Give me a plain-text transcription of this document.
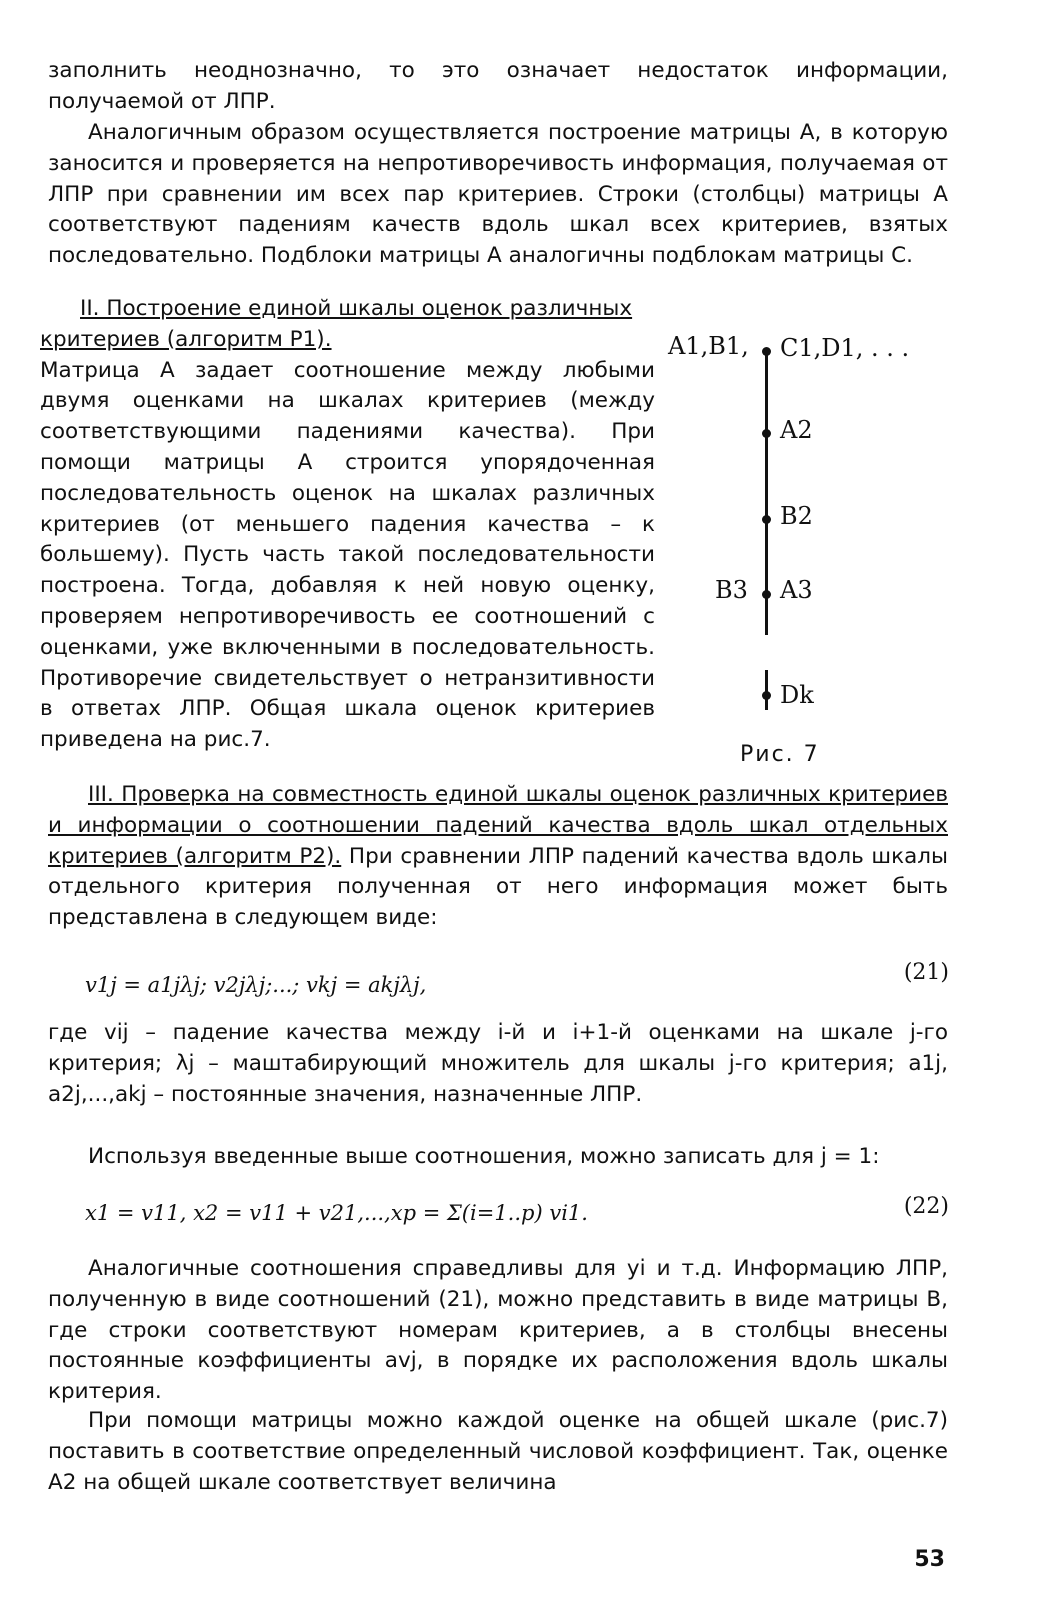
заполнить неоднозначно, то это означает недостаток информации, получаемой от ЛПР.

Аналогичным образом осуществляется построение матрицы А, в которую заносится и проверяется на непротиворечивость информация, получаемая от ЛПР при сравнении им всех пар критериев. Строки (столбцы) матрицы А соответствуют падениям качеств вдоль шкал всех критериев, взятых последовательно. Подблоки матрицы А аналогичны подблокам матрицы С.

II. Построение единой шкалы оценок различных критериев (алгоритм P1).

Матрица А задает соотношение между любыми двумя оценками на шкалах критериев (между соответствующими падениями качества). При помощи матрицы А строится упорядоченная последовательность оценок на шкалах различных критериев (от меньшего падения качества – к большему). Пусть часть такой последовательности построена. Тогда, добавляя к ней новую оценку, проверяем непротиворечивость ее соотношений с оценками, уже включенными в последовательность. Противоречие свидетельствует о нетранзитивности в ответах ЛПР. Общая шкала оценок критериев приведена на рис.7.

A1,B1, C1,D1, . . .
A2
B2
B3 A3
Dk
Рис. 7

III. Проверка на совместность единой шкалы оценок различных критериев и информации о соотношении падений качества вдоль шкал отдельных критериев (алгоритм P2). При сравнении ЛПР падений качества вдоль шкалы отдельного критерия полученная от него информация может быть представлена в следующем виде:

v1j = a1jλj; v2jλj;...; vkj = akjλj,	(21)

где vij – падение качества между i-й и i+1-й оценками на шкале j-го критерия; λj – маштабирующий множитель для шкалы j-го критерия; a1j, a2j,...,akj – постоянные значения, назначенные ЛПР.

Используя введенные выше соотношения, можно записать для j = 1:

x1 = v11, x2 = v11 + v21,...,xp = Σ(i=1..p) vi1.	(22)

Аналогичные соотношения справедливы для yi и т.д. Информацию ЛПР, полученную в виде соотношений (21), можно представить в виде матрицы В, где строки соответствуют номерам критериев, а в столбцы внесены постоянные коэффициенты avj, в порядке их расположения вдоль шкалы критерия.

При помощи матрицы можно каждой оценке на общей шкале (рис.7) поставить в соответствие определенный числовой коэффициент. Так, оценке A2 на общей шкале соответствует величина

53
